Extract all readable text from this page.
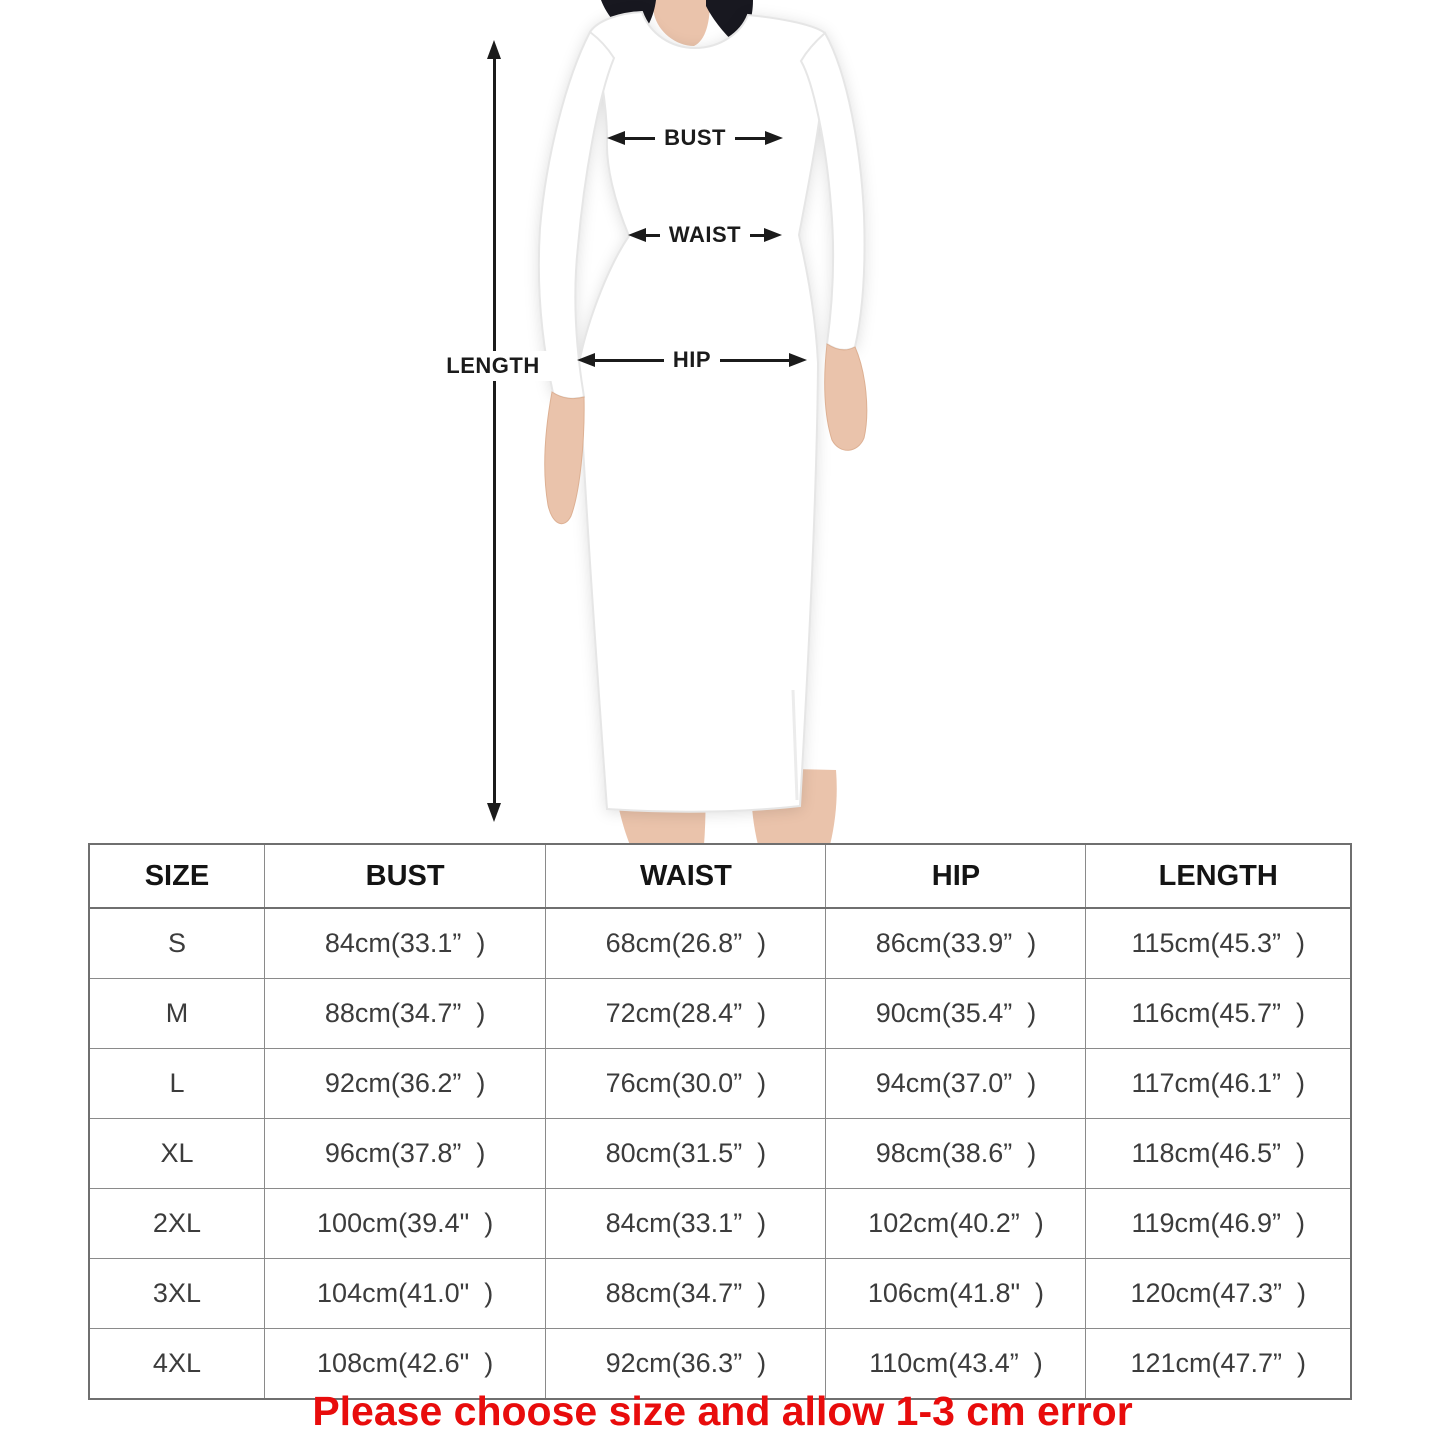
LENGTH
BUST
WAIST
HIP
SIZE	BUST	WAIST	HIP	LENGTH
S	84cm(33.1”  )	68cm(26.8”  )	86cm(33.9”  )	115cm(45.3”  )
M	88cm(34.7”  )	72cm(28.4”  )	90cm(35.4”  )	116cm(45.7”  )
L	92cm(36.2”  )	76cm(30.0”  )	94cm(37.0”  )	117cm(46.1”  )
XL	96cm(37.8”  )	80cm(31.5”  )	98cm(38.6”  )	118cm(46.5”  )
2XL	100cm(39.4"  )	84cm(33.1”  )	102cm(40.2”  )	119cm(46.9”  )
3XL	104cm(41.0"  )	88cm(34.7”  )	106cm(41.8"  )	120cm(47.3”  )
4XL	108cm(42.6"  )	92cm(36.3”  )	110cm(43.4”  )	121cm(47.7”  )
Please choose size and allow 1-3 cm error
